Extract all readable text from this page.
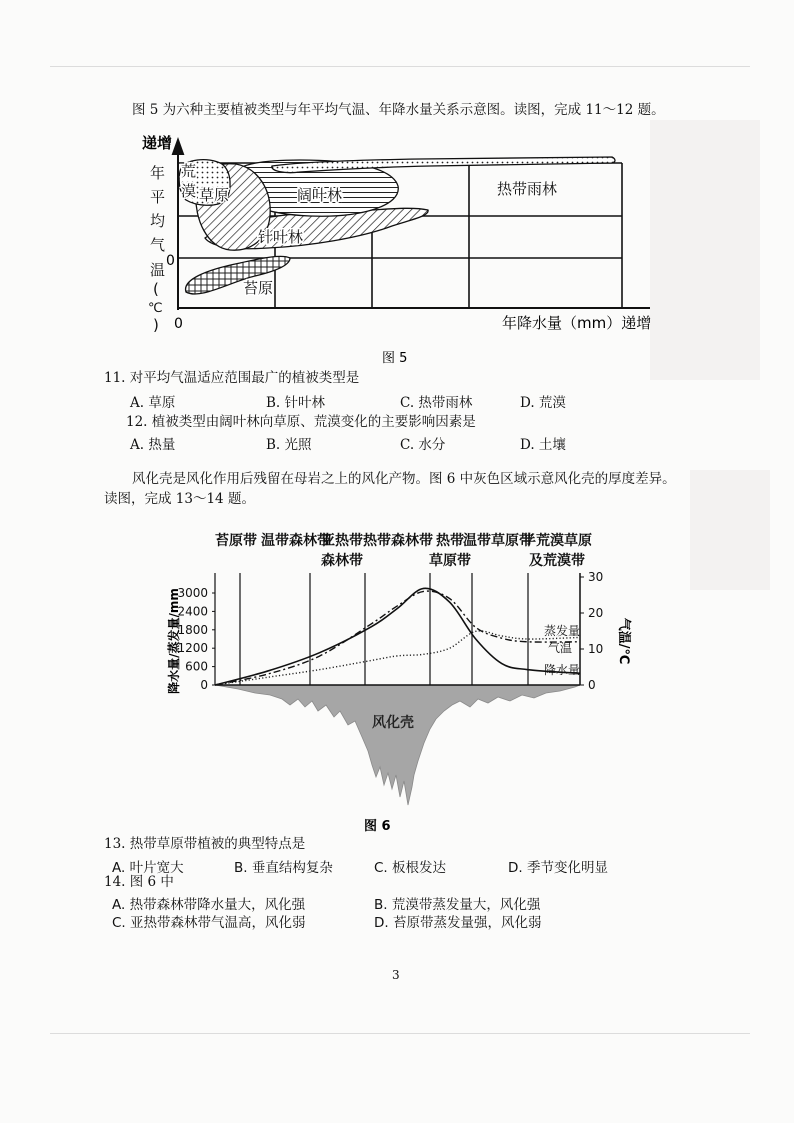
图 5 为六种主要植被类型与年平均气温、年降水量关系示意图。读图，完成 11～12 题。
荒
漠 草原	阔叶林
针叶林
苔原
热带雨林
递增
年
平
均
气
温
(
℃
)
0
0	年降水量（mm）递增
图 5
11. 对平均气温适应范围最广的植被类型是
A. 草原	B. 针叶林	C. 热带雨林	D. 荒漠
12. 植被类型由阔叶林向草原、荒漠变化的主要影响因素是
A. 热量	B. 光照	C. 水分	D. 土壤
风化壳是风化作用后残留在母岩之上的风化产物。图 6 中灰色区域示意风化壳的厚度差异。
读图，完成 13～14 题。
风化壳
苔原带 温带森林带
亚热带
森林带
热带森林带 热带
草原带
温带草原带
半荒漠草原
及荒漠带
降水量/蒸发量/mm
3000
2400
1800
1200
600
0
气温/℃
30
20
10
0
蒸发量
气温
降水量
图 6
13. 热带草原带植被的典型特点是
A. 叶片宽大	B. 垂直结构复杂	C. 板根发达	D. 季节变化明显
14. 图 6 中
A. 热带森林带降水量大，风化强	B. 荒漠带蒸发量大，风化强
C. 亚热带森林带气温高，风化弱	D. 苔原带蒸发量强，风化弱
3
